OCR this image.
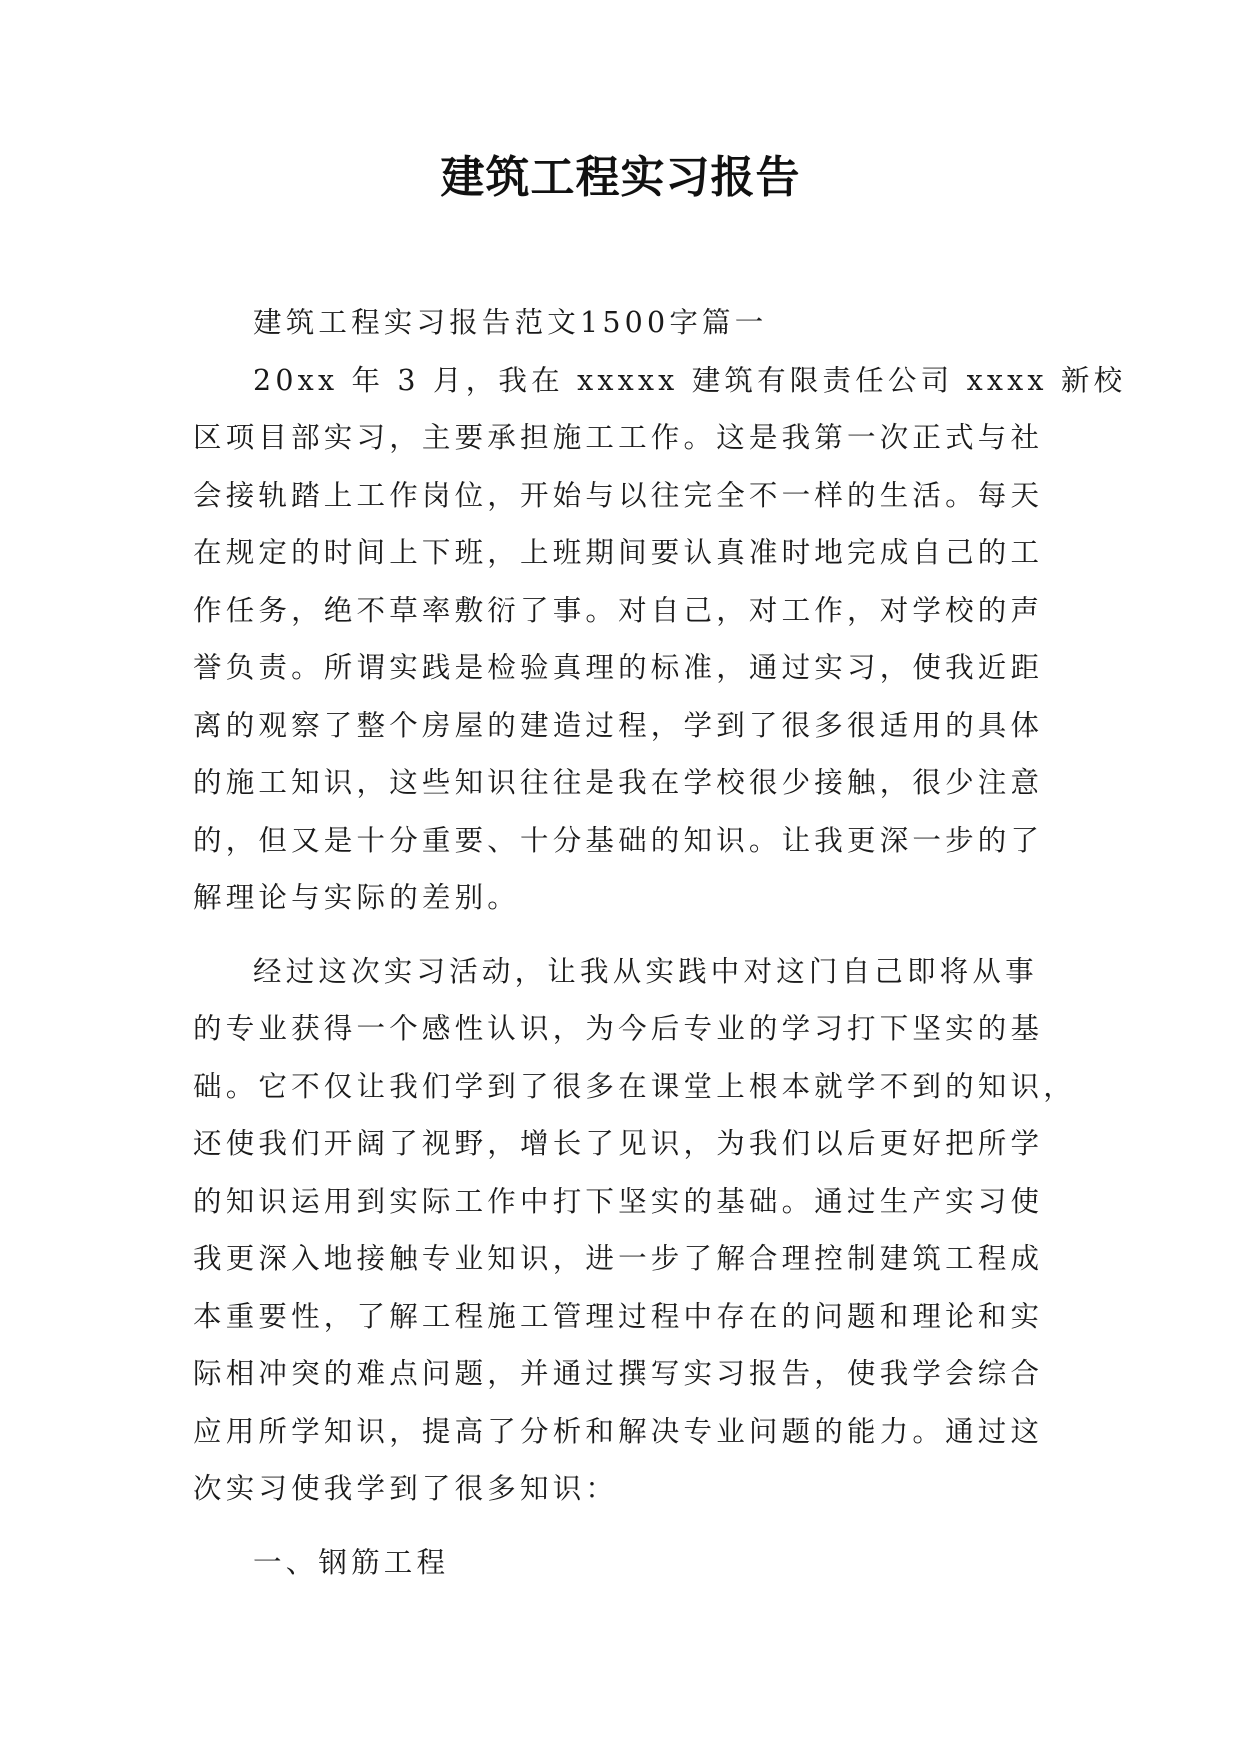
建筑工程实习报告
建筑工程实习报告范文1500字篇一
20xx 年 3 月，我在 xxxxx 建筑有限责任公司 xxxx 新校
区项目部实习，主要承担施工工作。这是我第一次正式与社
会接轨踏上工作岗位，开始与以往完全不一样的生活。每天
在规定的时间上下班，上班期间要认真准时地完成自己的工
作任务，绝不草率敷衍了事。对自己，对工作，对学校的声
誉负责。所谓实践是检验真理的标准，通过实习，使我近距
离的观察了整个房屋的建造过程，学到了很多很适用的具体
的施工知识，这些知识往往是我在学校很少接触，很少注意
的，但又是十分重要、十分基础的知识。让我更深一步的了
解理论与实际的差别。
经过这次实习活动，让我从实践中对这门自己即将从事
的专业获得一个感性认识，为今后专业的学习打下坚实的基
础。它不仅让我们学到了很多在课堂上根本就学不到的知识，
还使我们开阔了视野，增长了见识，为我们以后更好把所学
的知识运用到实际工作中打下坚实的基础。通过生产实习使
我更深入地接触专业知识，进一步了解合理控制建筑工程成
本重要性，了解工程施工管理过程中存在的问题和理论和实
际相冲突的难点问题，并通过撰写实习报告，使我学会综合
应用所学知识，提高了分析和解决专业问题的能力。通过这
次实习使我学到了很多知识：
一、钢筋工程
